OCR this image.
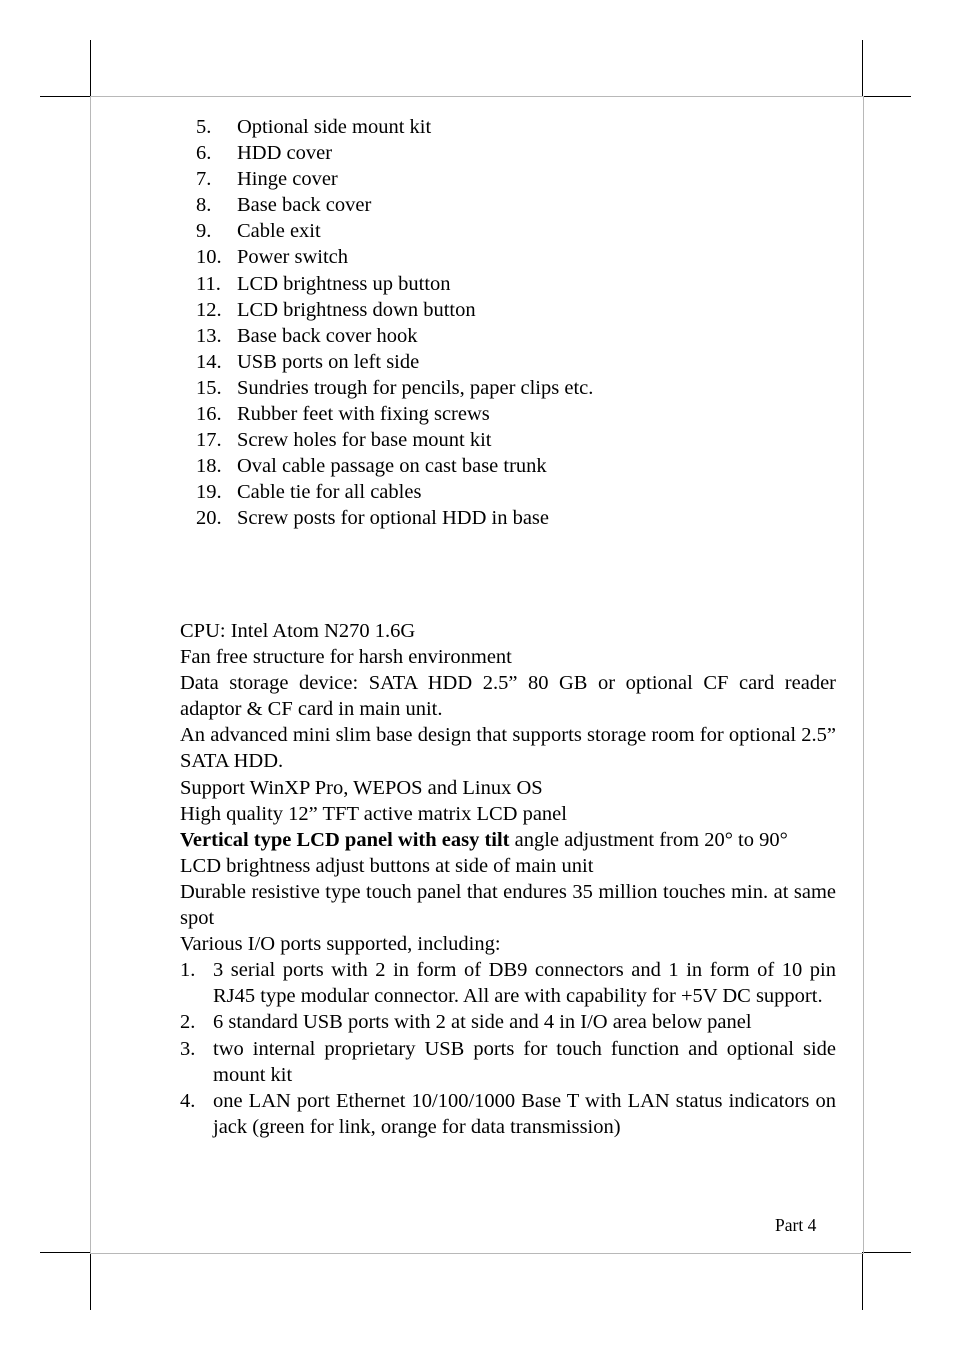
5. Optional side mount kit
6. HDD cover
7. Hinge cover
8. Base back cover
9. Cable exit
10. Power switch
11. LCD brightness up button
12. LCD brightness down button
13. Base back cover hook
14. USB ports on left side
15. Sundries trough for pencils, paper clips etc.
16. Rubber feet with fixing screws
17. Screw holes for base mount kit
18. Oval cable passage on cast base trunk
19. Cable tie for all cables
20. Screw posts for optional HDD in base

CPU: Intel Atom N270 1.6G

Fan free structure for harsh environment

Data storage device: SATA HDD 2.5” 80 GB or optional CF card reader adaptor & CF card in main unit.

An advanced mini slim base design that supports storage room for optional 2.5” SATA HDD.

Support WinXP Pro, WEPOS and Linux OS

High quality 12” TFT active matrix LCD panel

Vertical type LCD panel with easy tilt angle adjustment from 20° to 90°

LCD brightness adjust buttons at side of main unit

Durable resistive type touch panel that endures 35 million touches min. at same spot

Various I/O ports supported, including:

1. 3 serial ports with 2 in form of DB9 connectors and 1 in form of 10 pin RJ45 type modular connector. All are with capability for +5V DC support.
2. 6 standard USB ports with 2 at side and 4 in I/O area below panel
3. two internal proprietary USB ports for touch function and optional side mount kit
4. one LAN port Ethernet 10/100/1000 Base T with LAN status indicators on jack (green for link, orange for data transmission)
Part 4
